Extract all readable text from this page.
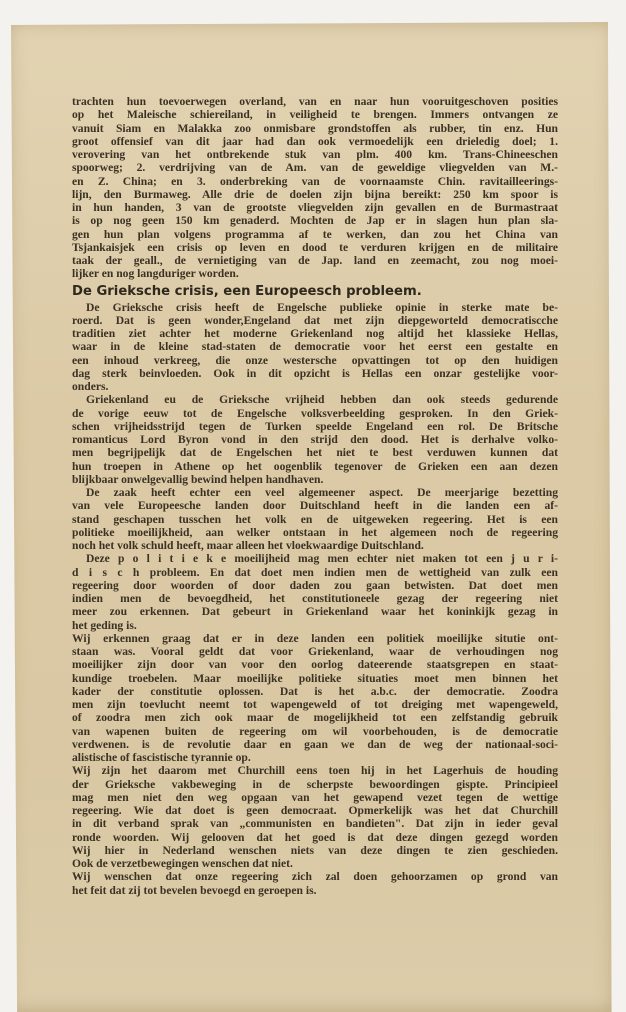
trachten hun toevoerwegen overland, van en naar hun vooruitgeschoven posities
op het Maleische schiereiland, in veiligheid te brengen. Immers ontvangen ze
vanuit Siam en Malakka zoo onmisbare grondstoffen als rubber, tin enz. Hun
groot offensief van dit jaar had dan ook vermoedelijk een drieledig doel; 1.
verovering van het ontbrekende stuk van plm. 400 km. Trans-Chineeschen
spoorweg; 2. verdrijving van de Am. van de geweldige vliegvelden van M.-
en Z. China; en 3. onderbreking van de voornaamste Chin. ravitailleerings-
lijn, den Burmaweg. Alle drie de doelen zijn bijna bereikt: 250 km spoor is
in hun handen, 3 van de grootste vliegvelden zijn gevallen en de Burmastraat
is op nog geen 150 km genaderd. Mochten de Jap er in slagen hun plan sla-
gen hun plan volgens programma af te werken, dan zou het China van
Tsjankaisjek een crisis op leven en dood te verduren krijgen en de militaire
taak der geall., de vernietiging van de Jap. land en zeemacht, zou nog moei-
lijker en nog langduriger worden.
De Grieksche crisis, een Europeesch probleem.
De Grieksche crisis heeft de Engelsche publieke opinie in sterke mate be-
roerd. Dat is geen wonder,Engeland dat met zijn diepgeworteld democratiscche
traditien ziet achter het moderne Griekenland nog altijd het klassieke Hellas,
waar in de kleine stad-staten de democratie voor het eerst een gestalte en
een inhoud verkreeg, die onze westersche opvattingen tot op den huidigen
dag sterk beinvloeden. Ook in dit opzicht is Hellas een onzar gestelijke voor-
onders.
Griekenland eu de Grieksche vrijheid hebben dan ook steeds gedurende
de vorige eeuw tot de Engelsche volksverbeelding gesproken. In den Griek-
schen vrijheidsstrijd tegen de Turken speelde Engeland een rol. De Britsche
romanticus Lord Byron vond in den strijd den dood. Het is derhalve volko-
men begrijpelijk dat de Engelschen het niet te best verduwen kunnen dat
hun troepen in Athene op het oogenblik tegenover de Grieken een aan dezen
blijkbaar onwelgevallig bewind helpen handhaven.
De zaak heeft echter een veel algemeener aspect. De meerjarige bezetting
van vele Europeesche landen door Duitschland heeft in die landen een af-
stand geschapen tusschen het volk en de uitgeweken regeering. Het is een
politieke moeilijkheid, aan welker ontstaan in het algemeen noch de regeering
noch het volk schuld heeft, maar alleen het vloekwaardige Duitschland.
Deze p o l i t i e k e moeilijheid mag men echter niet maken tot een j u r i-
d i s c h probleem. En dat doet men indien men de wettigheid van zulk een
regeering door woorden of door daden zou gaan betwisten. Dat doet men
indien men de bevoegdheid, het constitutioneele gezag der regeering niet
meer zou erkennen. Dat gebeurt in Griekenland waar het koninkijk gezag in
het geding is.
Wij erkennen graag dat er in deze landen een politiek moeilijke situtie ont-
staan was. Vooral geldt dat voor Griekenland, waar de verhoudingen nog
moeilijker zijn door van voor den oorlog dateerende staatsgrepen en staat-
kundige troebelen. Maar moeilijke politieke situaties moet men binnen het
kader der constitutie oplossen. Dat is het a.b.c. der democratie. Zoodra
men zijn toevlucht neemt tot wapengeweld of tot dreiging met wapengeweld,
of zoodra men zich ook maar de mogelijkheid tot een zelfstandig gebruik
van wapenen buiten de regeering om wil voorbehouden, is de democratie
verdwenen. is de revolutie daar en gaan we dan de weg der nationaal-soci-
alistische of fascistische tyrannie op.
Wij zijn het daarom met Churchill eens toen hij in het Lagerhuis de houding
der Grieksche vakbeweging in de scherpste bewoordingen gispte. Principieel
mag men niet den weg opgaan van het gewapend vezet tegen de wettige
regeering. Wie dat doet is geen democraat. Opmerkelijk was het dat Churchill
in dit verband sprak van „communisten en bandieten". Dat zijn in ieder geval
ronde woorden. Wij gelooven dat het goed is dat deze dingen gezegd worden
Wij hier in Nederland wenschen niets van deze dingen te zien geschieden.
Ook de verzetbewegingen wenschen dat niet.
Wij wenschen dat onze regeering zich zal doen gehoorzamen op grond van
het feit dat zij tot bevelen bevoegd en geroepen is.
